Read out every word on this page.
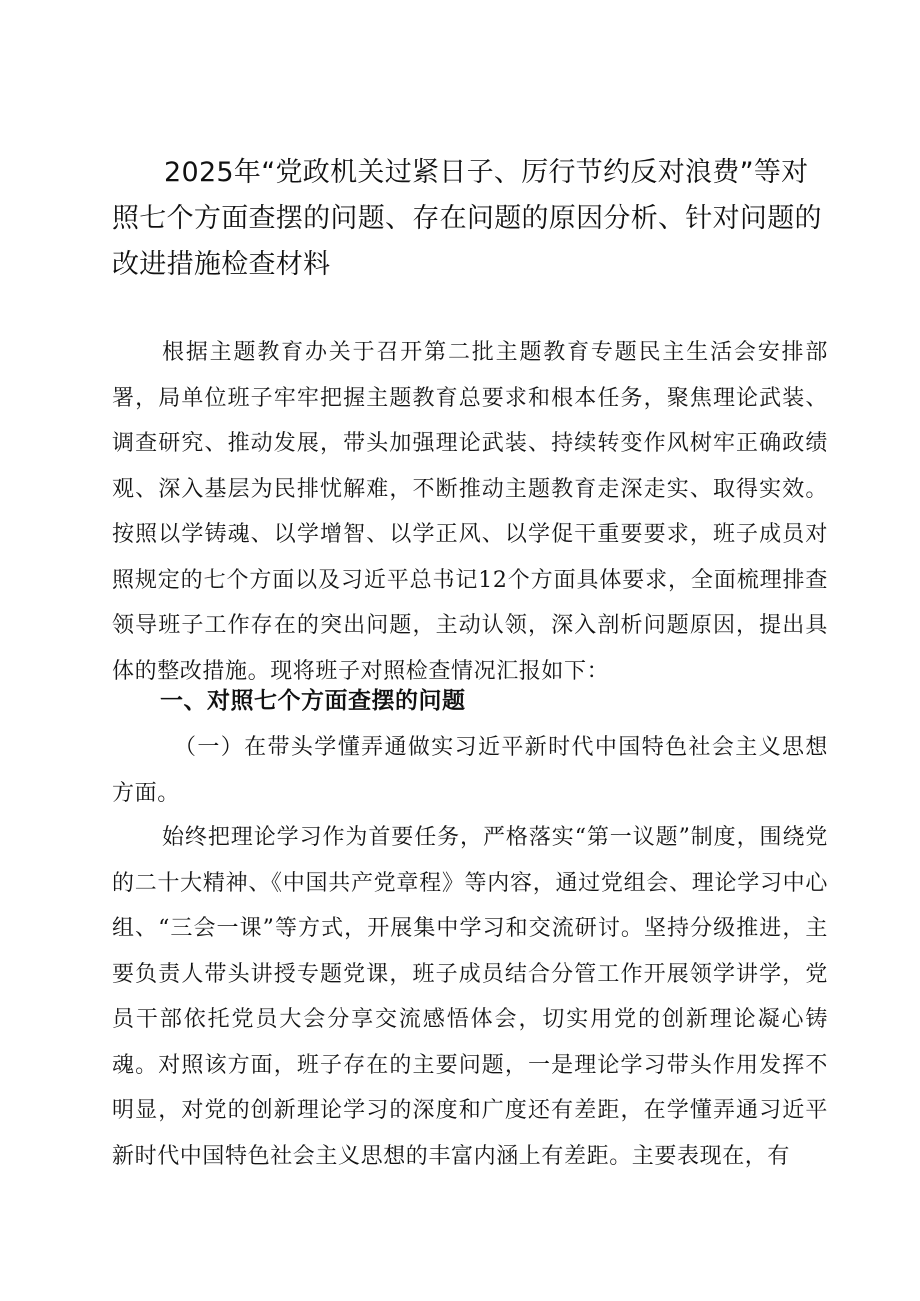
2025年“党政机关过紧日子、厉行节约反对浪费”等对照七个方面查摆的问题、存在问题的原因分析、针对问题的改进措施检查材料

根据主题教育办关于召开第二批主题教育专题民主生活会安排部署，局单位班子牢牢把握主题教育总要求和根本任务，聚焦理论武装、调查研究、推动发展，带头加强理论武装、持续转变作风树牢正确政绩观、深入基层为民排忧解难，不断推动主题教育走深走实、取得实效。按照以学铸魂、以学增智、以学正风、以学促干重要要求，班子成员对照规定的七个方面以及习近平总书记12个方面具体要求，全面梳理排查领导班子工作存在的突出问题，主动认领，深入剖析问题原因，提出具体的整改措施。现将班子对照检查情况汇报如下：

一、对照七个方面查摆的问题

（一）在带头学懂弄通做实习近平新时代中国特色社会主义思想方面。

始终把理论学习作为首要任务，严格落实“第一议题”制度，围绕党的二十大精神、《中国共产党章程》等内容，通过党组会、理论学习中心组、“三会一课”等方式，开展集中学习和交流研讨。坚持分级推进，主要负责人带头讲授专题党课，班子成员结合分管工作开展领学讲学，党员干部依托党员大会分享交流感悟体会，切实用党的创新理论凝心铸魂。对照该方面，班子存在的主要问题，一是理论学习带头作用发挥不明显，对党的创新理论学习的深度和广度还有差距，在学懂弄通习近平新时代中国特色社会主义思想的丰富内涵上有差距。主要表现在，有
